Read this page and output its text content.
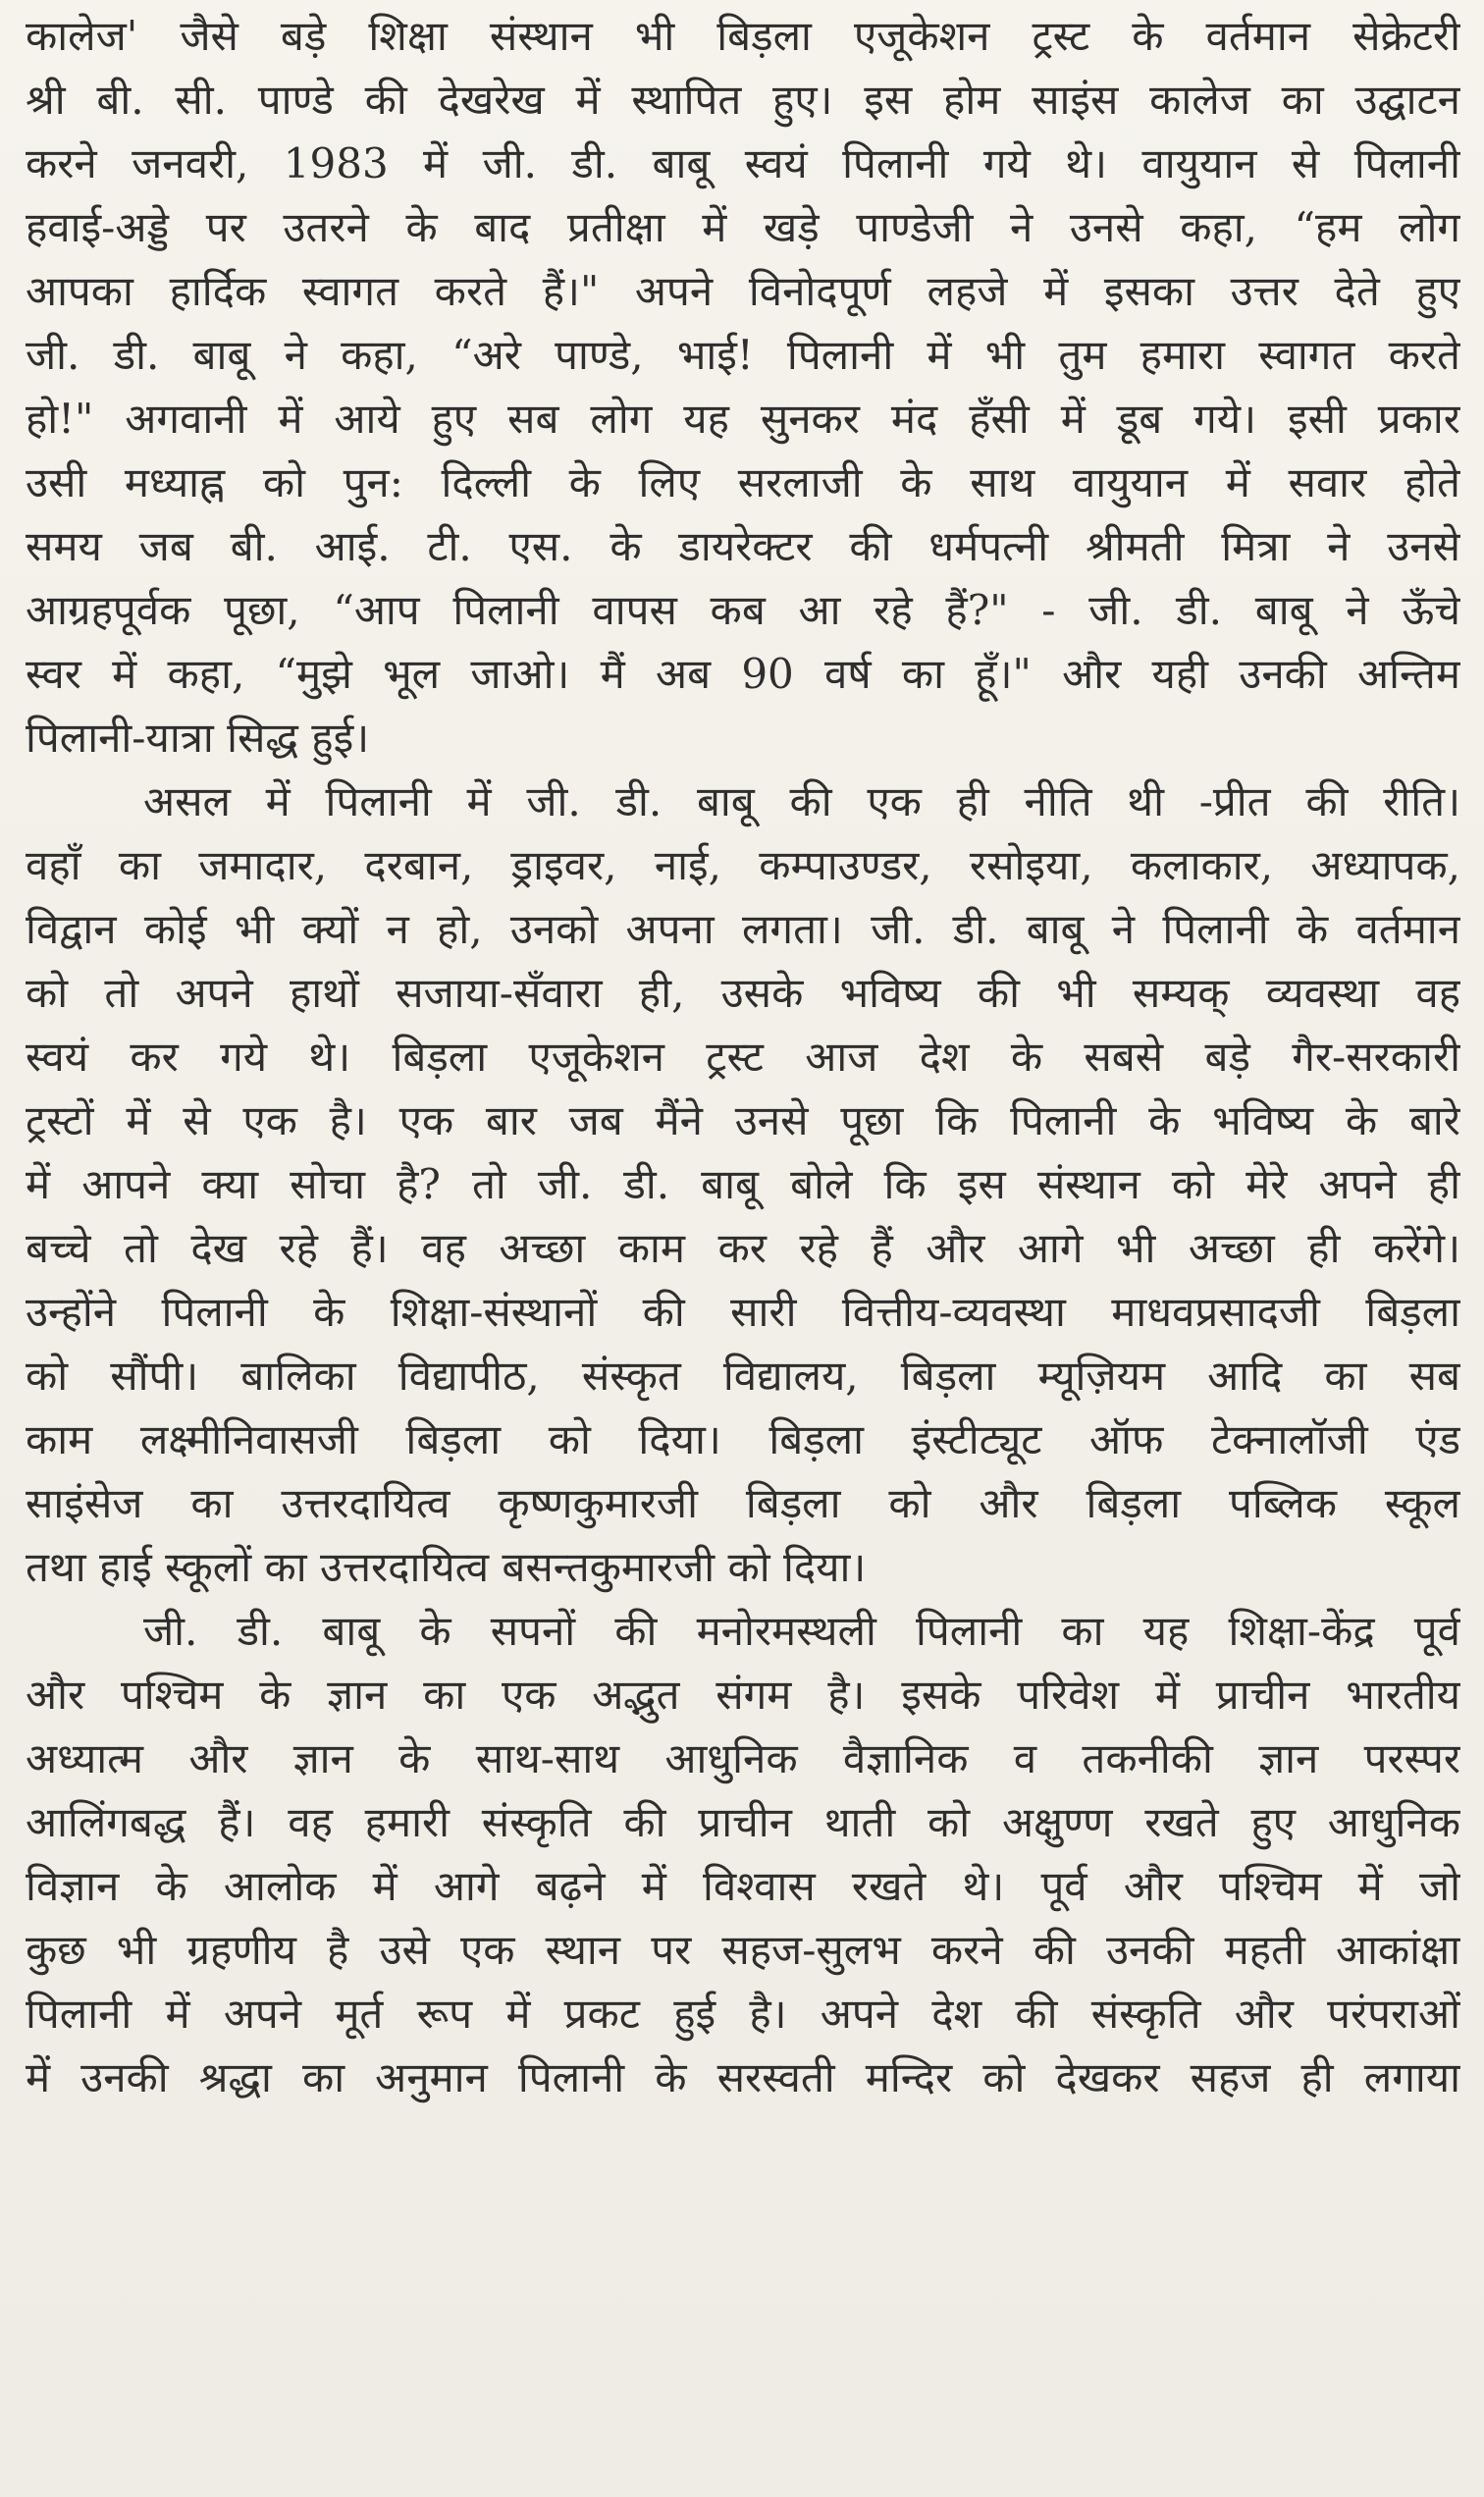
कालेज' जैसे बड़े शिक्षा संस्थान भी बिड़ला एजूकेशन ट्रस्ट के वर्तमान सेक्रेटरी
श्री बी. सी. पाण्डे की देखरेख में स्थापित हुए। इस होम साइंस कालेज का उद्घाटन
करने जनवरी, 1983 में जी. डी. बाबू स्वयं पिलानी गये थे। वायुयान से पिलानी
हवाई-अड्डे पर उतरने के बाद प्रतीक्षा में खड़े पाण्डेजी ने उनसे कहा, “हम लोग
आपका हार्दिक स्वागत करते हैं।" अपने विनोदपूर्ण लहजे में इसका उत्तर देते हुए
जी. डी. बाबू ने कहा, “अरे पाण्डे, भाई! पिलानी में भी तुम हमारा स्वागत करते
हो!" अगवानी में आये हुए सब लोग यह सुनकर मंद हँसी में डूब गये। इसी प्रकार
उसी मध्याह्न को पुन: दिल्ली के लिए सरलाजी के साथ वायुयान में सवार होते
समय जब बी. आई. टी. एस. के डायरेक्टर की धर्मपत्नी श्रीमती मित्रा ने उनसे
आग्रहपूर्वक पूछा, “आप पिलानी वापस कब आ रहे हैं?" - जी. डी. बाबू ने ऊँचे
स्वर में कहा, “मुझे भूल जाओ। मैं अब 90 वर्ष का हूँ।" और यही उनकी अन्तिम
पिलानी-यात्रा सिद्ध हुई।

असल में पिलानी में जी. डी. बाबू की एक ही नीति थी -प्रीत की रीति।
वहाँ का जमादार, दरबान, ड्राइवर, नाई, कम्पाउण्डर, रसोइया, कलाकार, अध्यापक,
विद्वान कोई भी क्यों न हो, उनको अपना लगता। जी. डी. बाबू ने पिलानी के वर्तमान
को तो अपने हाथों सजाया-सँवारा ही, उसके भविष्य की भी सम्यक् व्यवस्था वह
स्वयं कर गये थे। बिड़ला एजूकेशन ट्रस्ट आज देश के सबसे बड़े गैर-सरकारी
ट्रस्टों में से एक है। एक बार जब मैंने उनसे पूछा कि पिलानी के भविष्य के बारे
में आपने क्या सोचा है? तो जी. डी. बाबू बोले कि इस संस्थान को मेरे अपने ही
बच्चे तो देख रहे हैं। वह अच्छा काम कर रहे हैं और आगे भी अच्छा ही करेंगे।
उन्होंने पिलानी के शिक्षा-संस्थानों की सारी वित्तीय-व्यवस्था माधवप्रसादजी बिड़ला
को सौंपी। बालिका विद्यापीठ, संस्कृत विद्यालय, बिड़ला म्यूज़ियम आदि का सब
काम लक्ष्मीनिवासजी बिड़ला को दिया। बिड़ला इंस्टीट्यूट ऑफ टेक्नालॉजी एंड
साइंसेज का उत्तरदायित्व कृष्णकुमारजी बिड़ला को और बिड़ला पब्लिक स्कूल
तथा हाई स्कूलों का उत्तरदायित्व बसन्तकुमारजी को दिया।

जी. डी. बाबू के सपनों की मनोरमस्थली पिलानी का यह शिक्षा-केंद्र पूर्व
और पश्चिम के ज्ञान का एक अद्भुत संगम है। इसके परिवेश में प्राचीन भारतीय
अध्यात्म और ज्ञान के साथ-साथ आधुनिक वैज्ञानिक व तकनीकी ज्ञान परस्पर
आलिंगबद्ध हैं। वह हमारी संस्कृति की प्राचीन थाती को अक्षुण्ण रखते हुए आधुनिक
विज्ञान के आलोक में आगे बढ़ने में विश्वास रखते थे। पूर्व और पश्चिम में जो
कुछ भी ग्रहणीय है उसे एक स्थान पर सहज-सुलभ करने की उनकी महती आकांक्षा
पिलानी में अपने मूर्त रूप में प्रकट हुई है। अपने देश की संस्कृति और परंपराओं
में उनकी श्रद्धा का अनुमान पिलानी के सरस्वती मन्दिर को देखकर सहज ही लगाया
